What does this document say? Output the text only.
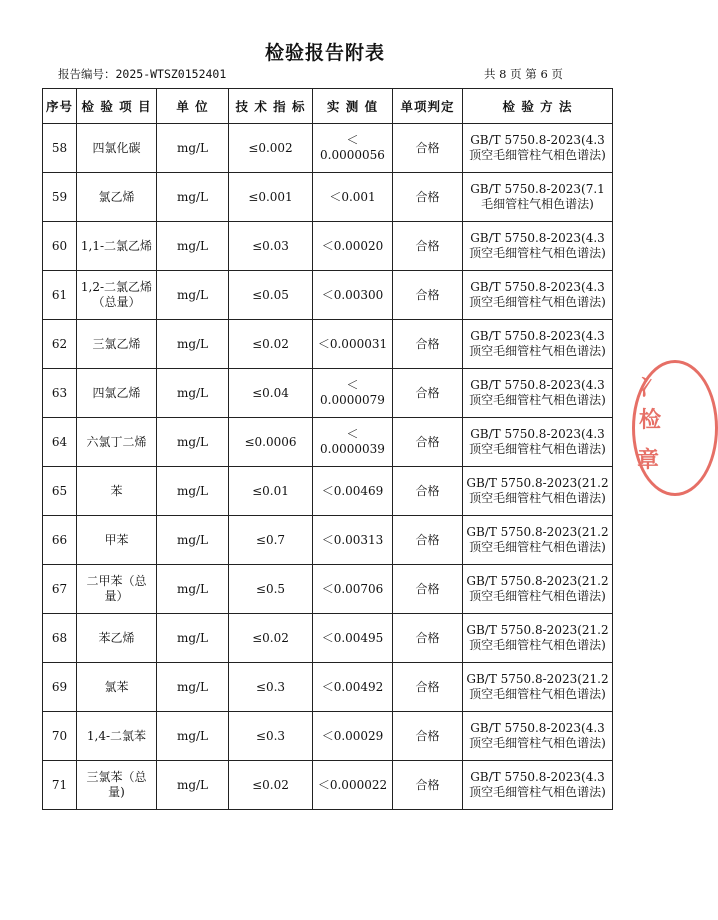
检验报告附表
报告编号：2025-WTSZ0152401	共 8 页 第 6 页
序号	检 验 项 目	单 位	技 术 指 标	实 测 值	单项判定	检 验 方 法
58	四氯化碳	mg/L	≤0.002	＜0.0000056	合格	GB/T 5750.8-2023(4.3顶空毛细管柱气相色谱法)
59	氯乙烯	mg/L	≤0.001	＜0.001	合格	GB/T 5750.8-2023(7.1毛细管柱气相色谱法)
60	1,1-二氯乙烯	mg/L	≤0.03	＜0.00020	合格	GB/T 5750.8-2023(4.3顶空毛细管柱气相色谱法)
61	1,2-二氯乙烯（总量）	mg/L	≤0.05	＜0.00300	合格	GB/T 5750.8-2023(4.3顶空毛细管柱气相色谱法)
62	三氯乙烯	mg/L	≤0.02	＜0.000031	合格	GB/T 5750.8-2023(4.3顶空毛细管柱气相色谱法)
63	四氯乙烯	mg/L	≤0.04	＜0.0000079	合格	GB/T 5750.8-2023(4.3顶空毛细管柱气相色谱法)
64	六氯丁二烯	mg/L	≤0.0006	＜0.0000039	合格	GB/T 5750.8-2023(4.3顶空毛细管柱气相色谱法)
65	苯	mg/L	≤0.01	＜0.00469	合格	GB/T 5750.8-2023(21.2顶空毛细管柱气相色谱法)
66	甲苯	mg/L	≤0.7	＜0.00313	合格	GB/T 5750.8-2023(21.2顶空毛细管柱气相色谱法)
67	二甲苯（总量）	mg/L	≤0.5	＜0.00706	合格	GB/T 5750.8-2023(21.2顶空毛细管柱气相色谱法)
68	苯乙烯	mg/L	≤0.02	＜0.00495	合格	GB/T 5750.8-2023(21.2顶空毛细管柱气相色谱法)
69	氯苯	mg/L	≤0.3	＜0.00492	合格	GB/T 5750.8-2023(21.2顶空毛细管柱气相色谱法)
70	1,4-二氯苯	mg/L	≤0.3	＜0.00029	合格	GB/T 5750.8-2023(4.3顶空毛细管柱气相色谱法)
71	三氯苯（总量)	mg/L	≤0.02	＜0.000022	合格	GB/T 5750.8-2023(4.3顶空毛细管柱气相色谱法)
冫
检
章
